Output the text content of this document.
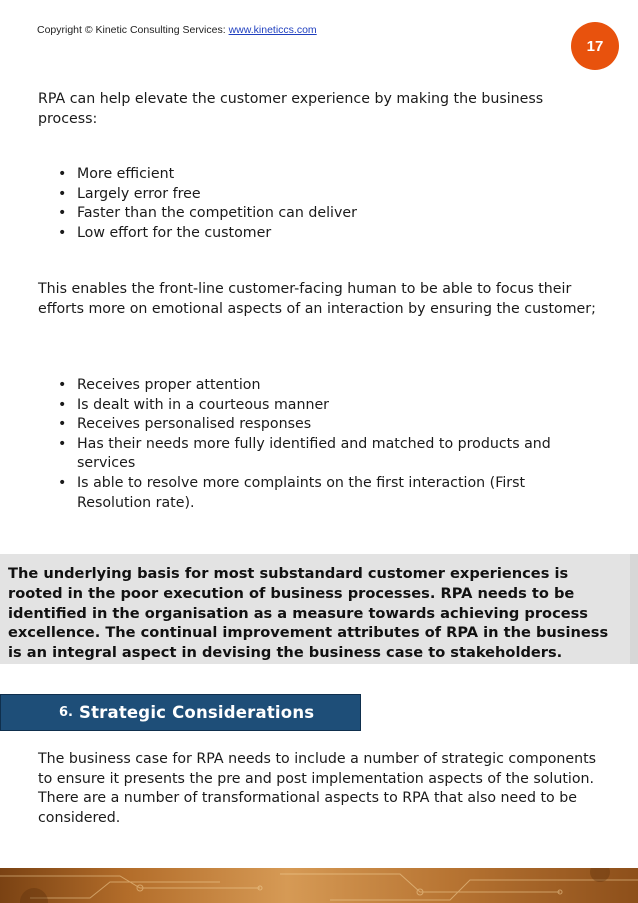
Copyright © Kinetic Consulting Services: www.kineticcs.com
17

RPA can help elevate the customer experience by making the business process:

• More efficient
• Largely error free
• Faster than the competition can deliver
• Low effort for the customer

This enables the front-line customer-facing human to be able to focus their efforts more on emotional aspects of an interaction by ensuring the customer;

• Receives proper attention
• Is dealt with in a courteous manner
• Receives personalised responses
• Has their needs more fully identified and matched to products and services
• Is able to resolve more complaints on the first interaction (First Resolution rate).

The underlying basis for most substandard customer experiences is rooted in the poor execution of business processes. RPA needs to be identified in the organisation as a measure towards achieving process excellence. The continual improvement attributes of RPA in the business is an integral aspect in devising the business case to stakeholders.

6. Strategic Considerations

The business case for RPA needs to include a number of strategic components to ensure it presents the pre and post implementation aspects of the solution. There are a number of transformational aspects to RPA that also need to be considered.
